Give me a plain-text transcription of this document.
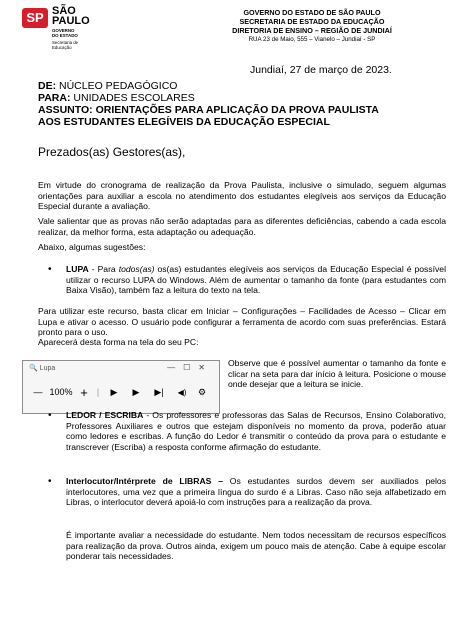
SP SÃO
PAULO
GOVERNO
DO ESTADO
Secretaria de
Educação
GOVERNO DO ESTADO DE SÃO PAULO
SECRETARIA DE ESTADO DA EDUCAÇÃO
DIRETORIA DE ENSINO – REGIÃO DE JUNDIAÍ
RUA 23 de Maio, 555 – Vianelo – Jundiaí - SP
Jundiaí, 27 de março de 2023.
DE: NÚCLEO PEDAGÓGICO
PARA: UNIDADES ESCOLARES
ASSUNTO: ORIENTAÇÕES PARA APLICAÇÃO DA PROVA PAULISTA
AOS ESTUDANTES ELEGÍVEIS DA EDUCAÇÃO ESPECIAL
Prezados(as) Gestores(as),
Em virtude do cronograma de realização da Prova Paulista, inclusive o simulado, seguem algumas orientações para auxiliar a escola no atendimento dos estudantes elegíveis aos serviços da Educação Especial durante a avaliação.
Vale salientar que as provas não serão adaptadas para as diferentes deficiências, cabendo a cada escola realizar, da melhor forma, esta adaptação ou adequação.
Abaixo, algumas sugestões:
• LUPA - Para todos(as) os(as) estudantes elegíveis aos serviços da Educação Especial é possível utilizar o recurso LUPA do Windows. Além de aumentar o tamanho da fonte (para estudantes com Baixa Visão), também faz a leitura do texto na tela.
Para utilizar este recurso, basta clicar em Iniciar – Configurações – Facilidades de Acesso – Clicar em Lupa e ativar o acesso. O usuário pode configurar a ferramenta de acordo com suas preferências. Estará pronto para o uso.
Aparecerá desta forma na tela do seu PC:
🔍 Lupa	—☐✕
— 100% +	|	▶	▶	▶|	◀)	⚙
Observe que é possível aumentar o tamanho da fonte e clicar na seta para dar início à leitura. Posicione o mouse onde desejar que a leitura se inicie.
• LEDOR / ESCRIBA - Os professores e professoras das Salas de Recursos, Ensino Colaborativo, Professores Auxiliares e outros que estejam disponíveis no momento da prova, poderão atuar como ledores e escribas. A função do Ledor é transmitir o conteúdo da prova para o estudante e transcrever (Escriba) a resposta conforme afirmação do estudante.
• Interlocutor/Intérprete de LIBRAS – Os estudantes surdos devem ser auxiliados pelos interlocutores, uma vez que a primeira língua do surdo é a Libras. Caso não seja alfabetizado em Libras, o interlocutor deverá apoiá-lo com instruções para a realização da prova.
É importante avaliar a necessidade do estudante. Nem todos necessitam de recursos específicos para realização da prova. Outros ainda, exigem um pouco mais de atenção. Cabe à equipe escolar ponderar tais necessidades.
